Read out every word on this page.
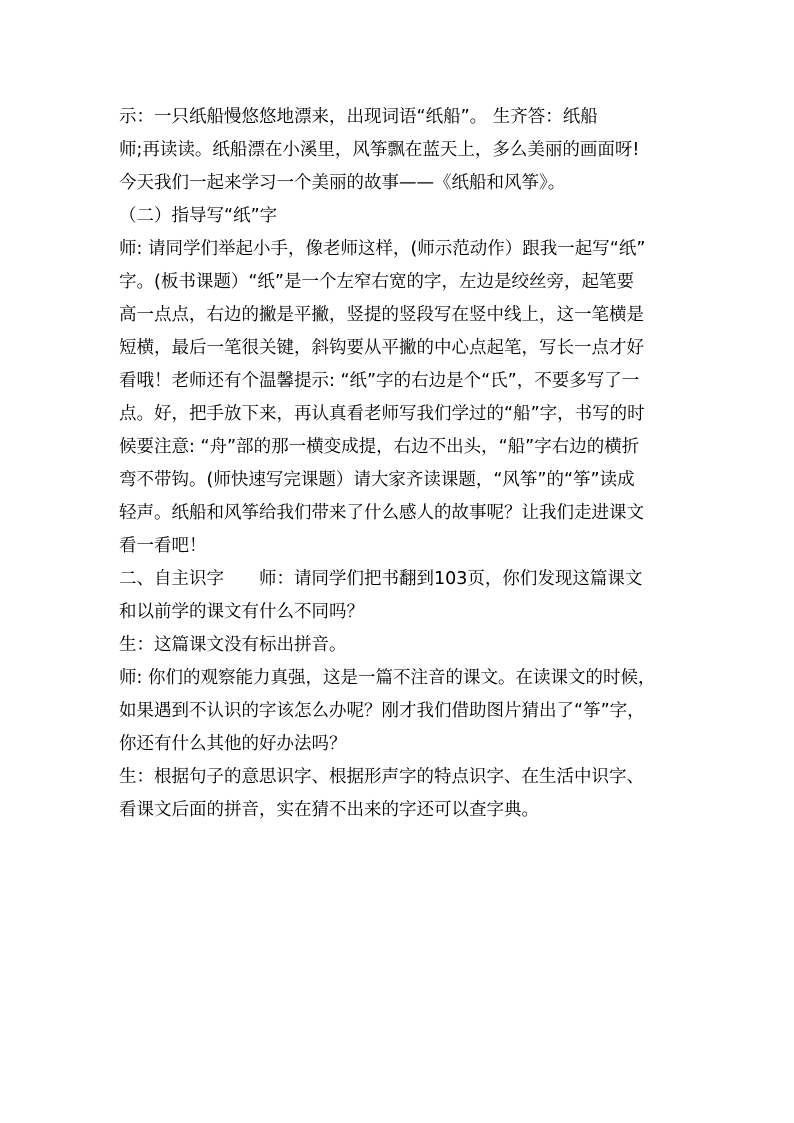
示：一只纸船慢悠悠地漂来，出现词语“纸船”。 生齐答：纸船
师;再读读。纸船漂在小溪里，风筝飘在蓝天上，多么美丽的画面呀!
今天我们一起来学习一个美丽的故事——《纸船和风筝》。
（二）指导写“纸”字
师: 请同学们举起小手，像老师这样，(师示范动作）跟我一起写“纸”
字。(板书课题）“纸”是一个左窄右宽的字，左边是绞丝旁，起笔要
高一点点，右边的撇是平撇，竖提的竖段写在竖中线上，这一笔横是
短横，最后一笔很关键，斜钩要从平撇的中心点起笔，写长一点才好
看哦！老师还有个温馨提示: “纸”字的右边是个“氏”，不要多写了一
点。好，把手放下来，再认真看老师写我们学过的“船”字，书写的时
候要注意: “舟”部的那一横变成提，右边不出头，“船”字右边的横折
弯不带钩。(师快速写完课题）请大家齐读课题，“风筝”的“筝”读成
轻声。纸船和风筝给我们带来了什么感人的故事呢？让我们走进课文
看一看吧！
二、自主识字　　师：请同学们把书翻到103页，你们发现这篇课文
和以前学的课文有什么不同吗？
生：这篇课文没有标出拼音。
师: 你们的观察能力真强，这是一篇不注音的课文。在读课文的时候，
如果遇到不认识的字该怎么办呢？刚才我们借助图片猜出了“筝”字，
你还有什么其他的好办法吗？
生：根据句子的意思识字、根据形声字的特点识字、在生活中识字、
看课文后面的拼音，实在猜不出来的字还可以查字典。
